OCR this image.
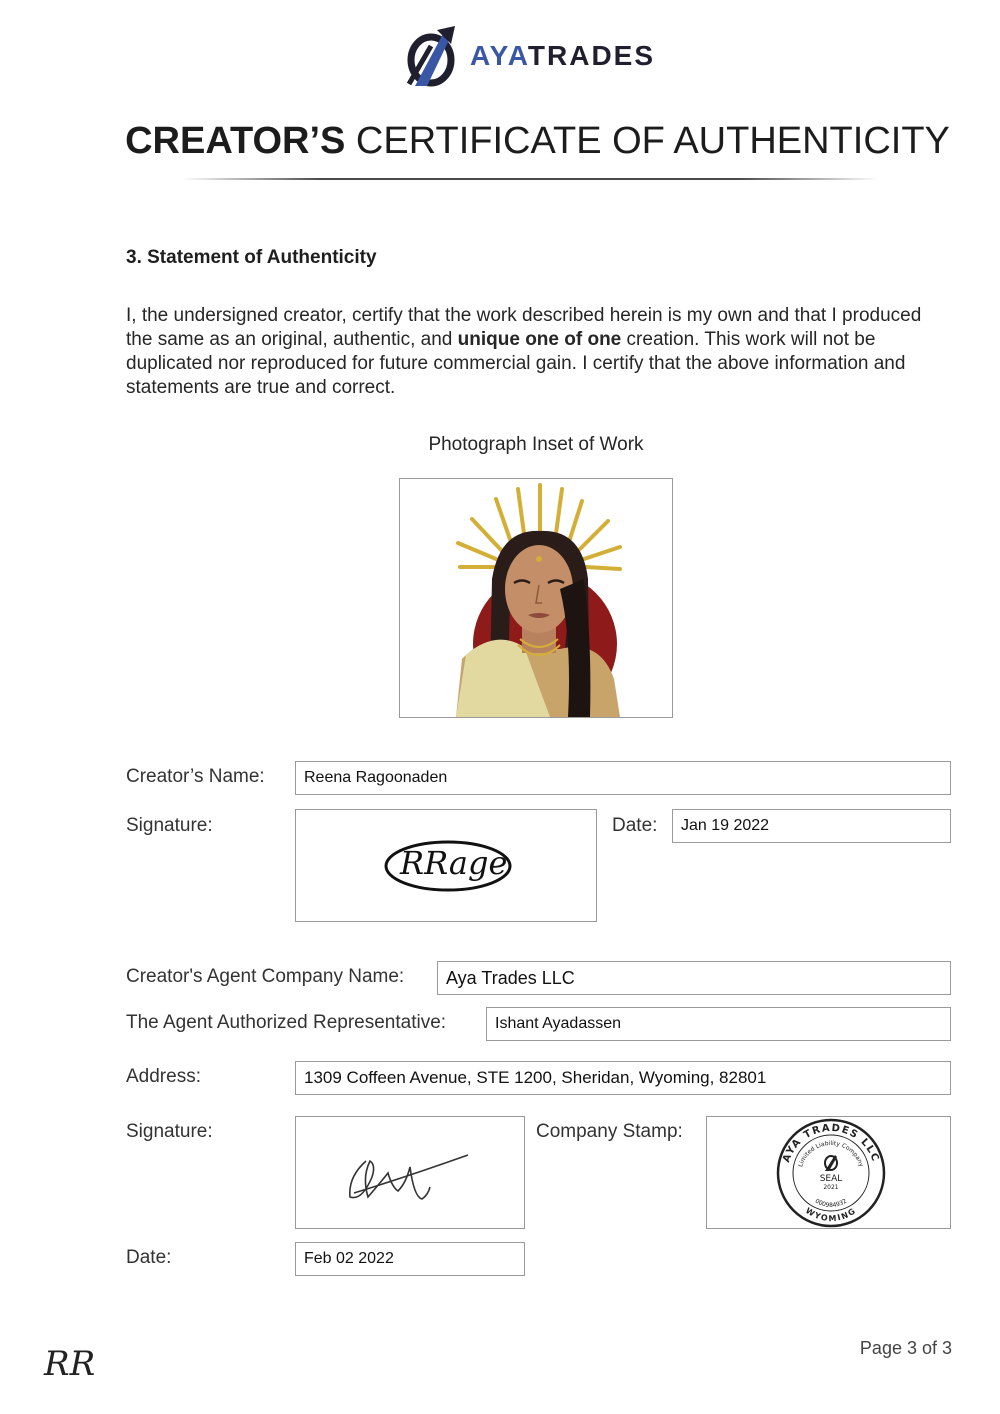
AYATRADES
CREATOR’S CERTIFICATE OF AUTHENTICITY
3. Statement of Authenticity
I, the undersigned creator, certify that the work described herein is my own and that I produced the same as an original, authentic, and unique one of one creation. This work will not be duplicated nor reproduced for future commercial gain. I certify that the above information and statements are true and correct.
Photograph Inset of Work
Creator’s Name:	Reena Ragoonaden
Signature:
RRage
Date:	Jan 19 2022
Creator's Agent Company Name:	Aya Trades LLC
The Agent Authorized Representative:	Ishant Ayadassen
Address:	1309 Coffeen Avenue, STE 1200, Sheridan, Wyoming, 82801
Signature:	Company Stamp:
AYA TRADES LLC
Limited Liability Company
SEAL
2021
000984932
WYOMING
Date:	Feb 02 2022
RR	Page 3 of 3
